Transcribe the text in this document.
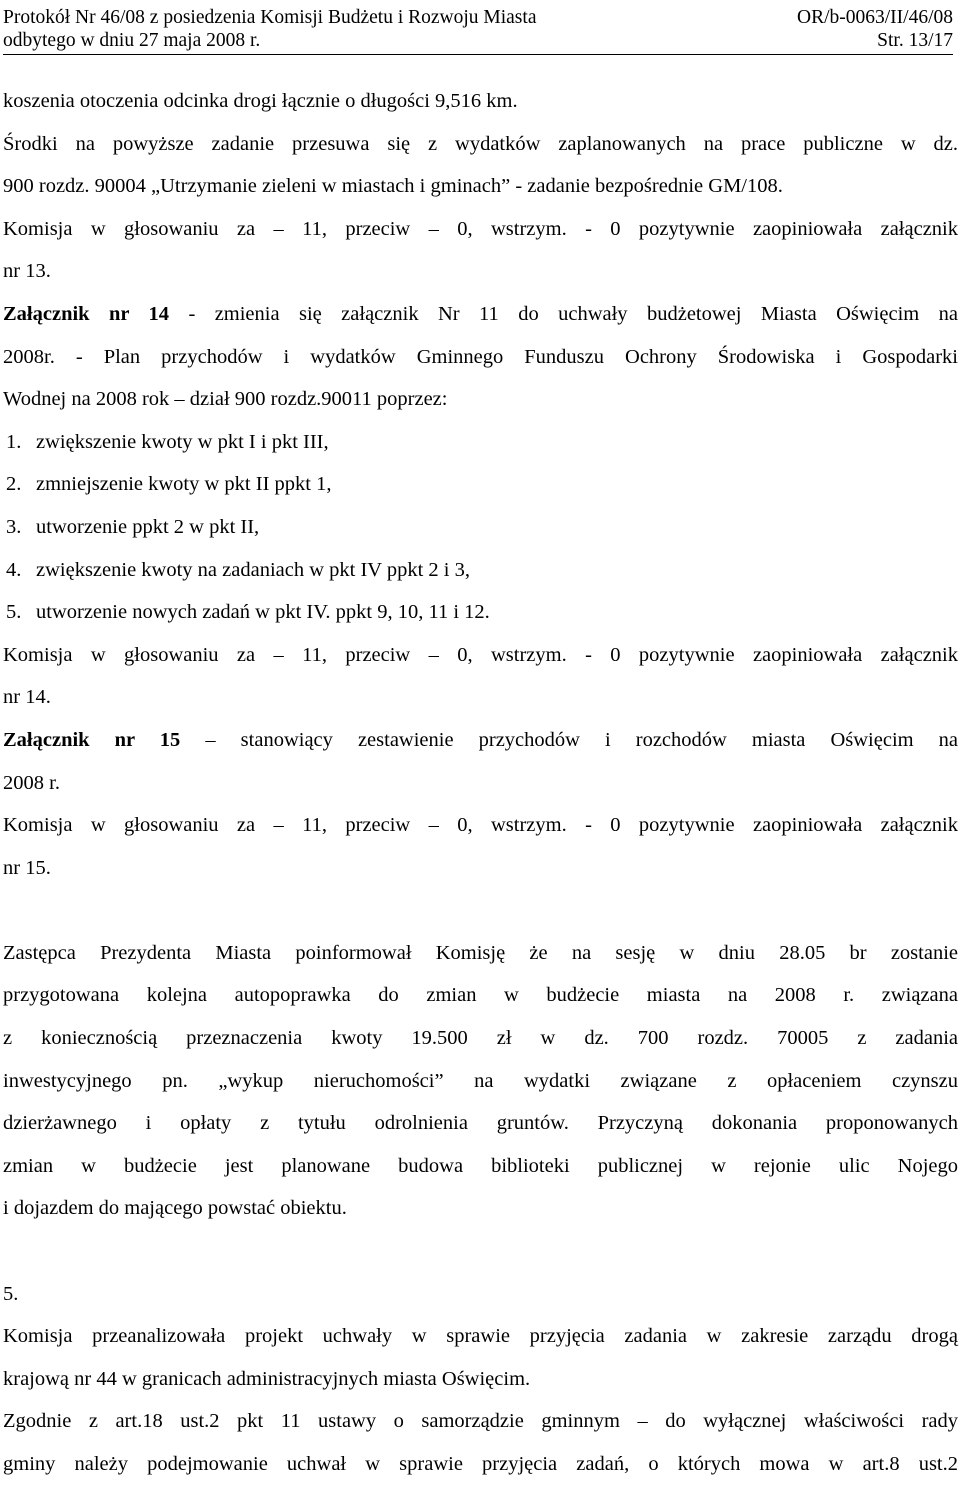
Protokół Nr 46/08 z posiedzenia Komisji Budżetu i Rozwoju Miasta	OR/b-0063/II/46/08
odbytego w dniu 27 maja 2008 r.	Str. 13/17
koszenia otoczenia odcinka drogi łącznie o długości 9,516 km.
Środki na powyższe zadanie przesuwa się z wydatków zaplanowanych na prace publiczne w dz.
900 rozdz. 90004 „Utrzymanie zieleni w miastach i gminach” - zadanie bezpośrednie GM/108.
Komisja w głosowaniu za – 11, przeciw – 0, wstrzym. - 0 pozytywnie zaopiniowała załącznik
nr 13.
Załącznik nr 14 - zmienia się załącznik Nr 11 do uchwały budżetowej Miasta Oświęcim na
2008r. - Plan przychodów i wydatków Gminnego Funduszu Ochrony Środowiska i Gospodarki
Wodnej na 2008 rok – dział 900 rozdz.90011 poprzez:
1. zwiększenie kwoty w pkt I i pkt III,
2. zmniejszenie kwoty w pkt II ppkt 1,
3. utworzenie ppkt 2 w pkt II,
4. zwiększenie kwoty na zadaniach w pkt IV ppkt 2 i 3,
5. utworzenie nowych zadań w pkt IV. ppkt 9, 10, 11 i 12.
Komisja w głosowaniu za – 11, przeciw – 0, wstrzym. - 0 pozytywnie zaopiniowała załącznik
nr 14.
Załącznik nr 15 – stanowiący zestawienie przychodów i rozchodów miasta Oświęcim na
2008 r.
Komisja w głosowaniu za – 11, przeciw – 0, wstrzym. - 0 pozytywnie zaopiniowała załącznik
nr 15.
Zastępca Prezydenta Miasta poinformował Komisję że na sesję w dniu 28.05 br zostanie
przygotowana kolejna autopoprawka do zmian w budżecie miasta na 2008 r. związana
z koniecznością przeznaczenia kwoty 19.500 zł w dz. 700 rozdz. 70005 z zadania
inwestycyjnego pn. „wykup nieruchomości” na wydatki związane z opłaceniem czynszu
dzierżawnego i opłaty z tytułu odrolnienia gruntów. Przyczyną dokonania proponowanych
zmian w budżecie jest planowane budowa biblioteki publicznej w rejonie ulic Nojego
i dojazdem do mającego powstać obiektu.
5.
Komisja przeanalizowała projekt uchwały w sprawie przyjęcia zadania w zakresie zarządu drogą
krajową nr 44 w granicach administracyjnych miasta Oświęcim.
Zgodnie z art.18 ust.2 pkt 11 ustawy o samorządzie gminnym – do wyłącznej właściwości rady
gminy należy podejmowanie uchwał w sprawie przyjęcia zadań, o których mowa w art.8 ust.2
